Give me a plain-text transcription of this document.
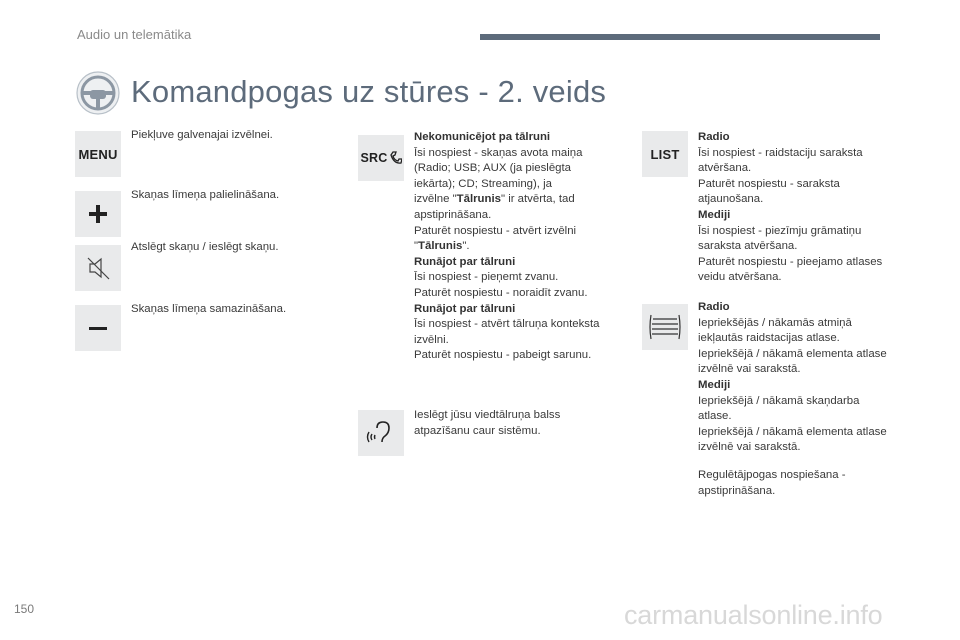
Audio un telemātika
Komandpogas uz stūres - 2. veids
MENU
Piekļuve galvenajai izvēlnei.
Skaņas līmeņa palielināšana.
Atslēgt skaņu / ieslēgt skaņu.
Skaņas līmeņa samazināšana.
SRC
Nekomunicējot pa tālruni
Īsi nospiest - skaņas avota maiņa
(Radio; USB; AUX (ja pieslēgta
iekārta); CD; Streaming), ja
izvēlne "Tālrunis" ir atvērta, tad
apstiprināšana.
Paturēt nospiestu - atvērt izvēlni
"Tālrunis".
Runājot par tālruni
Īsi nospiest - pieņemt zvanu.
Paturēt nospiestu - noraidīt zvanu.
Runājot par tālruni
Īsi nospiest - atvērt tālruņa konteksta
izvēlni.
Paturēt nospiestu - pabeigt sarunu.
Ieslēgt jūsu viedtālruņa balss
atpazīšanu caur sistēmu.
LIST
Radio
Īsi nospiest - raidstaciju saraksta
atvēršana.
Paturēt nospiestu - saraksta
atjaunošana.
Mediji
Īsi nospiest - piezīmju grāmatiņu
saraksta atvēršana.
Paturēt nospiestu - pieejamo atlases
veidu atvēršana.
Radio
Iepriekšējās / nākamās atmiņā
iekļautās raidstacijas atlase.
Iepriekšējā / nākamā elementa atlase
izvēlnē vai sarakstā.
Mediji
Iepriekšējā / nākamā skaņdarba
atlase.
Iepriekšējā / nākamā elementa atlase
izvēlnē vai sarakstā.
Regulētājpogas nospiešana -
apstiprināšana.
150	carmanualsonline.info
